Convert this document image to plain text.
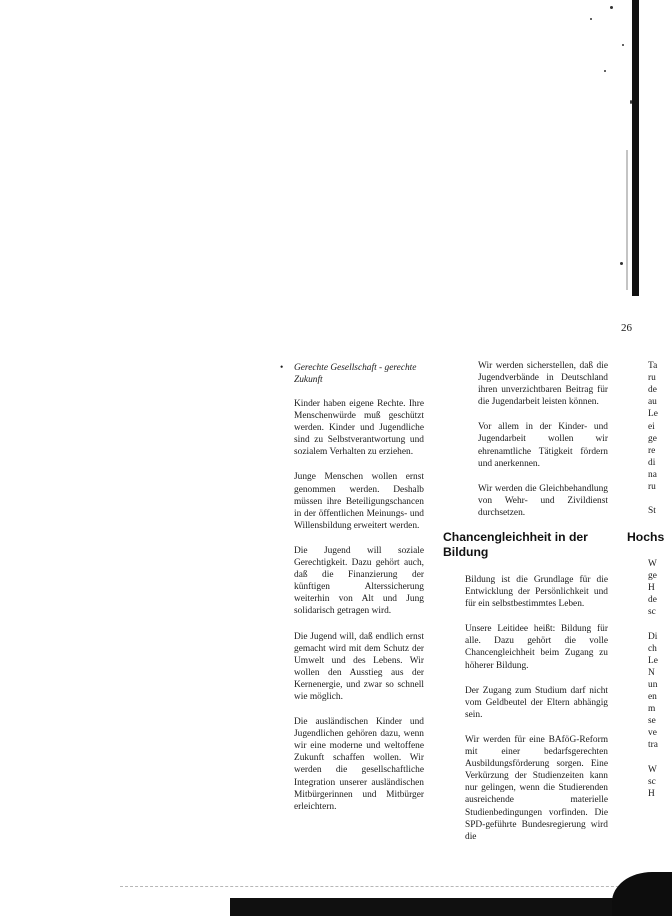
26
• Gerechte Gesellschaft - gerechte Zukunft

Kinder haben eigene Rechte. Ihre Menschenwürde muß geschützt werden. Kinder und Jugendliche sind zu Selbstverantwortung und sozialem Verhalten zu erziehen.

Junge Menschen wollen ernst genommen werden. Deshalb müssen ihre Beteiligungschancen in der öffentlichen Meinungs- und Willensbildung erweitert werden.

Die Jugend will soziale Gerechtigkeit. Dazu gehört auch, daß die Finanzierung der künftigen Alterssicherung weiterhin von Alt und Jung solidarisch getragen wird.

Die Jugend will, daß endlich ernst gemacht wird mit dem Schutz der Umwelt und des Lebens. Wir wollen den Ausstieg aus der Kernenergie, und zwar so schnell wie möglich.

Die ausländischen Kinder und Jugendlichen gehören dazu, wenn wir eine moderne und weltoffene Zukunft schaffen wollen. Wir werden die gesellschaftliche Integration unserer ausländischen Mitbürgerinnen und Mitbürger erleichtern.

Wir werden sicherstellen, daß die Jugendverbände in Deutschland ihren unverzichtbaren Beitrag für die Jugendarbeit leisten können.

Vor allem in der Kinder- und Jugendarbeit wollen wir ehrenamtliche Tätigkeit fördern und anerkennen.

Wir werden die Gleichbehandlung von Wehr- und Zivildienst durchsetzen.

Chancengleichheit in der Bildung

Bildung ist die Grundlage für die Entwicklung der Persönlichkeit und für ein selbstbestimmtes Leben.

Unsere Leitidee heißt: Bildung für alle. Dazu gehört die volle Chancengleichheit beim Zugang zu höherer Bildung.

Der Zugang zum Studium darf nicht vom Geldbeutel der Eltern abhängig sein.

Wir werden für eine BAföG-Reform mit einer bedarfsgerechten Ausbildungsförderung sorgen. Eine Verkürzung der Studienzeiten kann nur gelingen, wenn die Studierenden ausreichende materielle Studienbedingungen vorfinden. Die SPD-geführte Bundesregierung wird die

Hochs
Ta
ru
de
au
Le
ei
ge
re
di
na
ru
St
W
ge
H
de
sc
Di
ch
Le
N
un
en
m
se
ve
tra
W
sc
H
